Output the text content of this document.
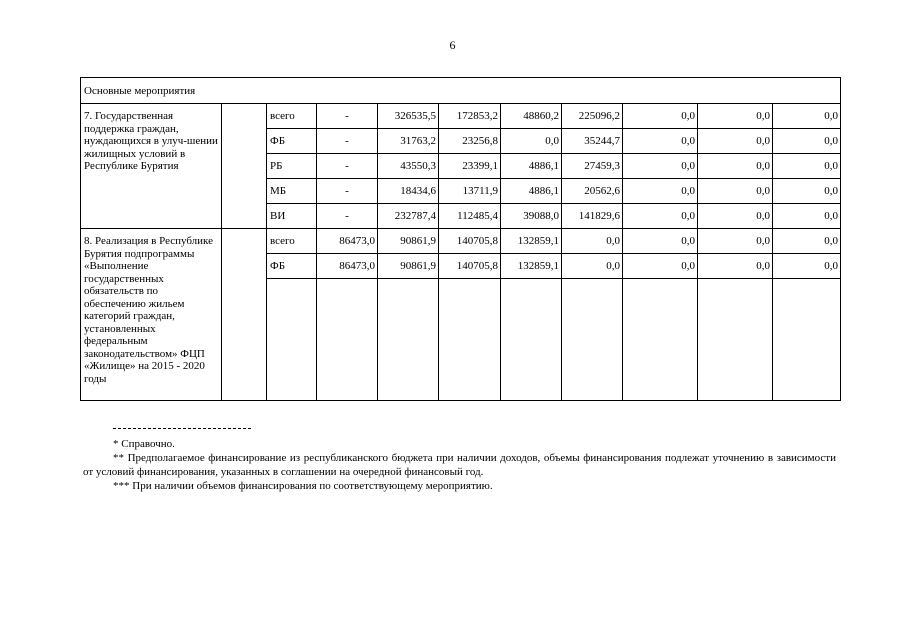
6
Основные мероприятия										
7. Государственная поддержка граждан, нуждающихся в улуч-шении жилищных условий в Республике Бурятия		всего	-	326535,5	172853,2	48860,2	225096,2	0,0	0,0	0,0
		ФБ	-	31763,2	23256,8	0,0	35244,7	0,0	0,0	0,0
		РБ	-	43550,3	23399,1	4886,1	27459,3	0,0	0,0	0,0
		МБ	-	18434,6	13711,9	4886,1	20562,6	0,0	0,0	0,0
		ВИ	-	232787,4	112485,4	39088,0	141829,6	0,0	0,0	0,0
8. Реализация в Республике Бурятия подпрограммы «Выполнение государственных обязательств по обеспечению жильем категорий граждан, установленных федеральным законодательством» ФЦП «Жилище» на 2015 - 2020 годы		всего	86473,0	90861,9	140705,8	132859,1	0,0	0,0	0,0	0,0
		ФБ	86473,0	90861,9	140705,8	132859,1	0,0	0,0	0,0	0,0

* Справочно.

** Предполагаемое финансирование из республиканского бюджета при наличии доходов, объемы финансирования подлежат уточнению в зависимости от условий финансирования, указанных в соглашении на очередной финансовый год.

*** При наличии объемов финансирования по соответствующему мероприятию.
